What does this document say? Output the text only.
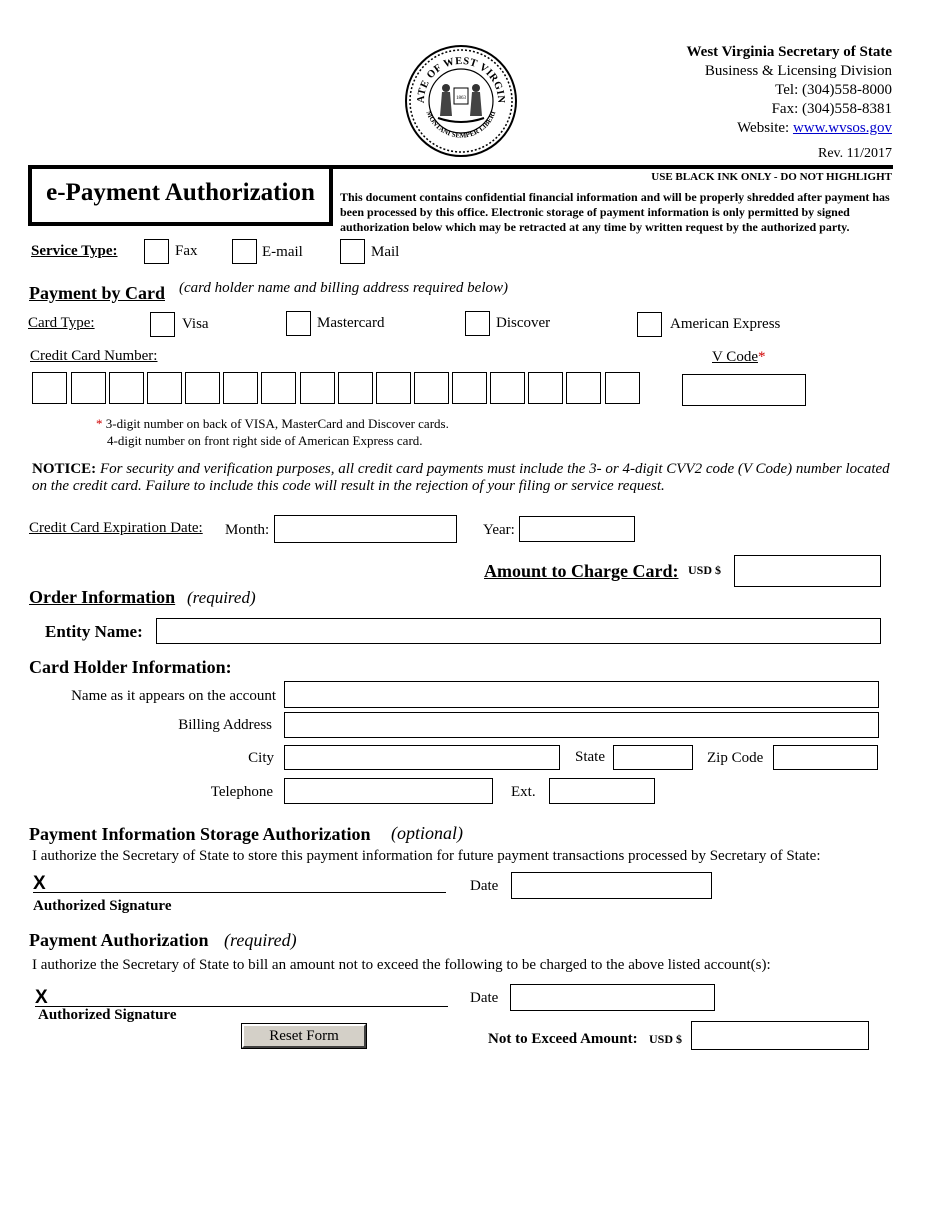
ATE OF WEST VIRGIN
MONTANI SEMPER LIBERI
1863
West Virginia Secretary of State
Business & Licensing Division
Tel: (304)558-8000
Fax: (304)558-8381
Website: www.wvsos.gov
Rev. 11/2017
e-Payment Authorization
USE BLACK INK ONLY - DO NOT HIGHLIGHT
This document contains confidential financial information and will be properly shredded after payment has been processed by this office. Electronic storage of payment information is only permitted by signed authorization below which may be retracted at any time by written request by the authorized party.
Service Type:	Fax	E-mail	Mail
Payment by Card (card holder name and billing address required below)
Card Type:	Visa	Mastercard	Discover	American Express
Credit Card Number:	V Code*
* 3-digit number on back of VISA, MasterCard and Discover cards.
4-digit number on front right side of American Express card.
NOTICE: For security and verification purposes, all credit card payments must include the 3- or 4-digit CVV2 code (V Code) number located on the credit card. Failure to include this code will result in the rejection of your filing or service request.
Credit Card Expiration Date: Month:	Year:
Amount to Charge Card: USD $
Order Information (required)
Entity Name:
Card Holder Information:
Name as it appears on the account
Billing Address
City	State	Zip Code
Telephone	Ext.
Payment Information Storage Authorization (optional)
I authorize the Secretary of State to store this payment information for future payment transactions processed by Secretary of State:
X
Authorized Signature
Date
Payment Authorization (required)
I authorize the Secretary of State to bill an amount not to exceed the following to be charged to the above listed account(s):
X
Authorized Signature
Date
Reset Form	Not to Exceed Amount: USD $
